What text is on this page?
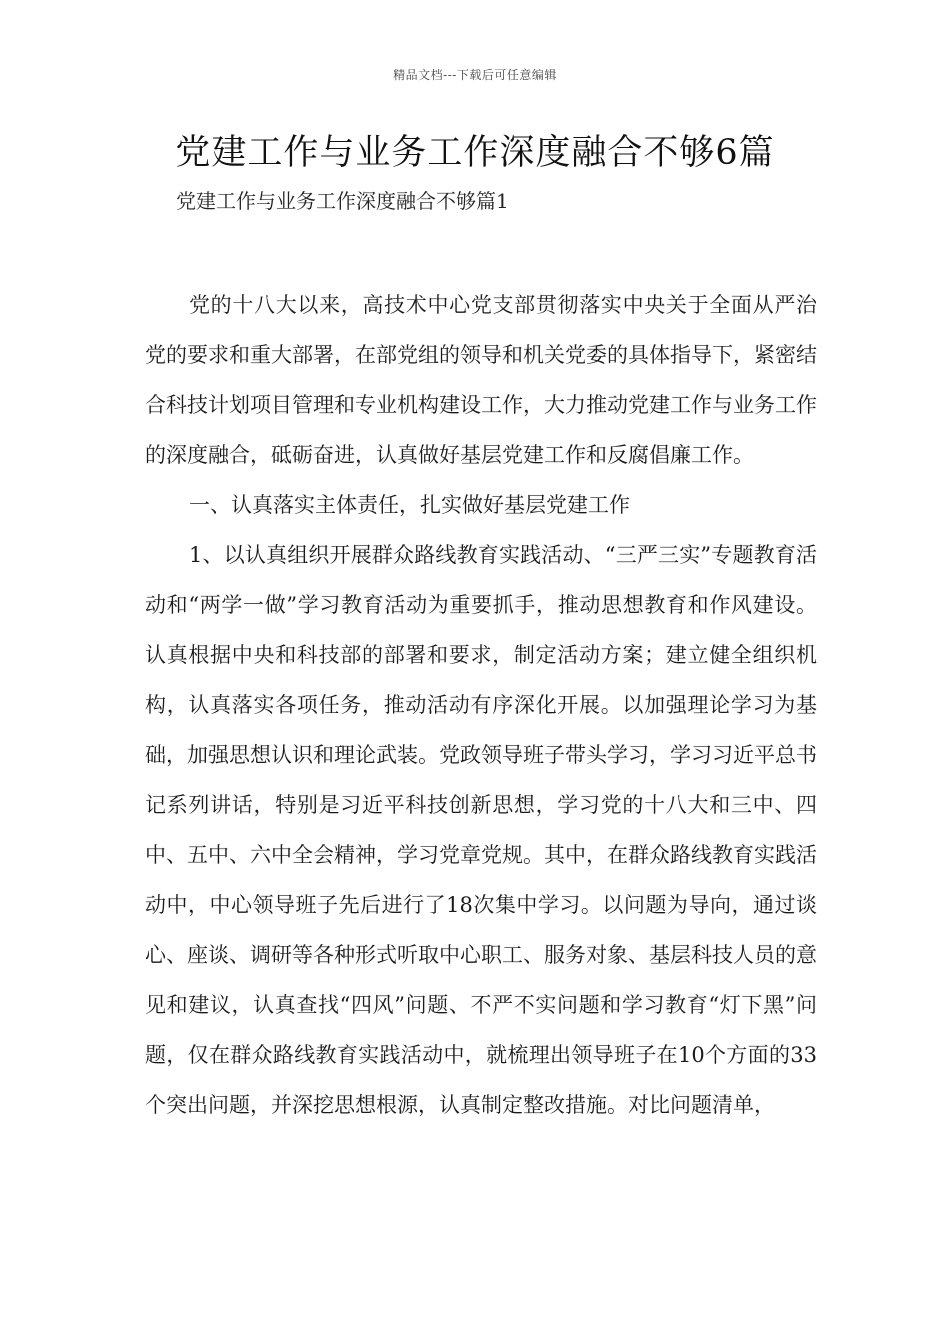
精品文档---下载后可任意编辑
党建工作与业务工作深度融合不够6篇

党建工作与业务工作深度融合不够篇1

党的十八大以来，高技术中心党支部贯彻落实中央关于全面从严治党的要求和重大部署，在部党组的领导和机关党委的具体指导下，紧密结合科技计划项目管理和专业机构建设工作，大力推动党建工作与业务工作的深度融合，砥砺奋进，认真做好基层党建工作和反腐倡廉工作。

一、认真落实主体责任，扎实做好基层党建工作

1、以认真组织开展群众路线教育实践活动、“三严三实”专题教育活动和“两学一做”学习教育活动为重要抓手，推动思想教育和作风建设。认真根据中央和科技部的部署和要求，制定活动方案；建立健全组织机构，认真落实各项任务，推动活动有序深化开展。以加强理论学习为基础，加强思想认识和理论武装。党政领导班子带头学习，学习习近平总书记系列讲话，特别是习近平科技创新思想，学习党的十八大和三中、四中、五中、六中全会精神，学习党章党规。其中，在群众路线教育实践活动中，中心领导班子先后进行了18次集中学习。以问题为导向，通过谈心、座谈、调研等各种形式听取中心职工、服务对象、基层科技人员的意见和建议，认真查找“四风”问题、不严不实问题和学习教育“灯下黑”问题，仅在群众路线教育实践活动中，就梳理出领导班子在10个方面的33个突出问题，并深挖思想根源，认真制定整改措施。对比问题清单，
